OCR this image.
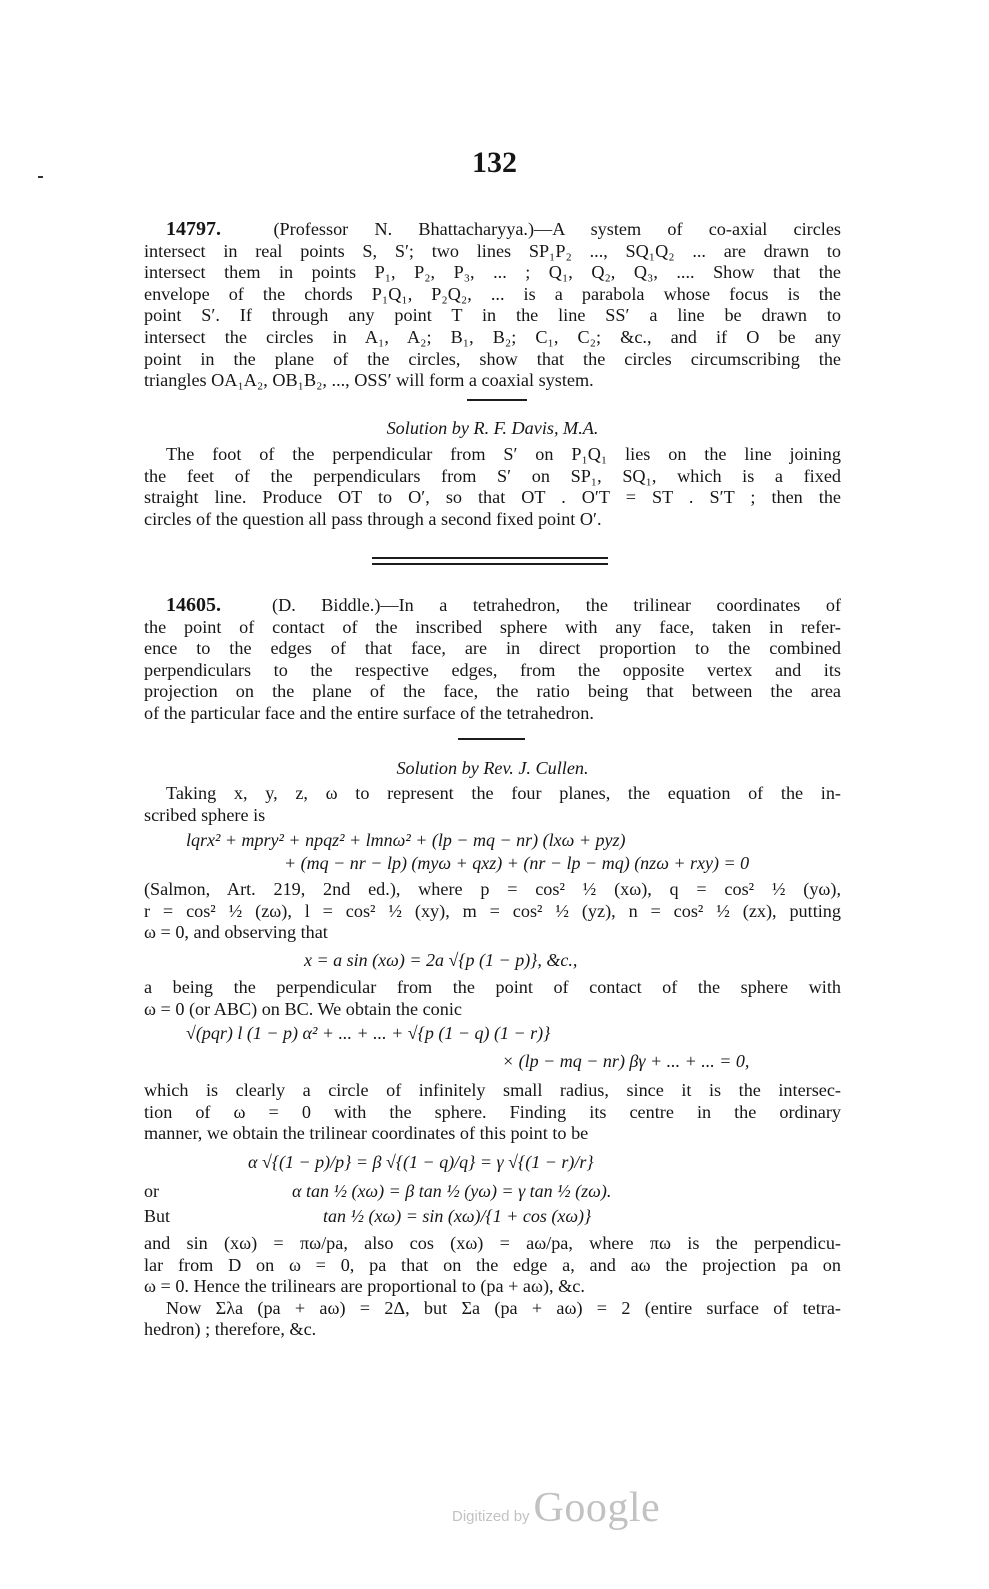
132
14797.	(Professor N. Bhattacharyya.)—A system of co-axial circles
intersect in real points S, S′; two lines SP₁P₂ ..., SQ₁Q₂ ... are drawn to
intersect them in points P₁, P₂, P₃, ... ; Q₁, Q₂, Q₃, .... Show that the
envelope of the chords P₁Q₁, P₂Q₂, ... is a parabola whose focus is the
point S′. If through any point T in the line SS′ a line be drawn to
intersect the circles in A₁, A₂; B₁, B₂; C₁, C₂; &c., and if O be any
point in the plane of the circles, show that the circles circumscribing the
triangles OA₁A₂, OB₁B₂, ..., OSS′ will form a coaxial system.
Solution by R. F. Davis, M.A.
The foot of the perpendicular from S′ on P₁Q₁ lies on the line joining
the feet of the perpendiculars from S′ on SP₁, SQ₁, which is a fixed
straight line. Produce OT to O′, so that OT . O′T = ST . S′T ; then the
circles of the question all pass through a second fixed point O′.
14605.	(D. Biddle.)—In a tetrahedron, the trilinear coordinates of
the point of contact of the inscribed sphere with any face, taken in refer-
ence to the edges of that face, are in direct proportion to the combined
perpendiculars to the respective edges, from the opposite vertex and its
projection on the plane of the face, the ratio being that between the area
of the particular face and the entire surface of the tetrahedron.
Solution by Rev. J. Cullen.
Taking x, y, z, ω to represent the four planes, the equation of the in-
scribed sphere is
lqrx² + mpry² + npqz² + lmnω² + (lp − mq − nr) (lxω + pyz)
+ (mq − nr − lp) (myω + qxz) + (nr − lp − mq) (nzω + rxy) = 0
(Salmon, Art. 219, 2nd ed.), where p = cos² ½ (xω), q = cos² ½ (yω),
r = cos² ½ (zω), l = cos² ½ (xy), m = cos² ½ (yz), n = cos² ½ (zx), putting
ω = 0, and observing that
x = a sin (xω) = 2a √{p (1 − p)}, &c.,
a being the perpendicular from the point of contact of the sphere with
ω = 0 (or ABC) on BC. We obtain the conic
√(pqr) l (1 − p) α² + ... + ... + √{p (1 − q) (1 − r)}
× (lp − mq − nr) βγ + ... + ... = 0,
which is clearly a circle of infinitely small radius, since it is the intersec-
tion of ω = 0 with the sphere. Finding its centre in the ordinary
manner, we obtain the trilinear coordinates of this point to be
α √{(1 − p)/p} = β √{(1 − q)/q} = γ √{(1 − r)/r}
or	α tan ½ (xω) = β tan ½ (yω) = γ tan ½ (zω).
But	tan ½ (xω) = sin (xω)/{1 + cos (xω)}
and sin (xω) = πω/pa, also cos (xω) = aω/pa, where πω is the perpendicu-
lar from D on ω = 0, pa that on the edge a, and aω the projection pa on
ω = 0. Hence the trilinears are proportional to (pa + aω), &c.
Now Σλa (pa + aω) = 2Δ, but Σa (pa + aω) = 2 (entire surface of tetra-
hedron) ; therefore, &c.
Digitized by Google
